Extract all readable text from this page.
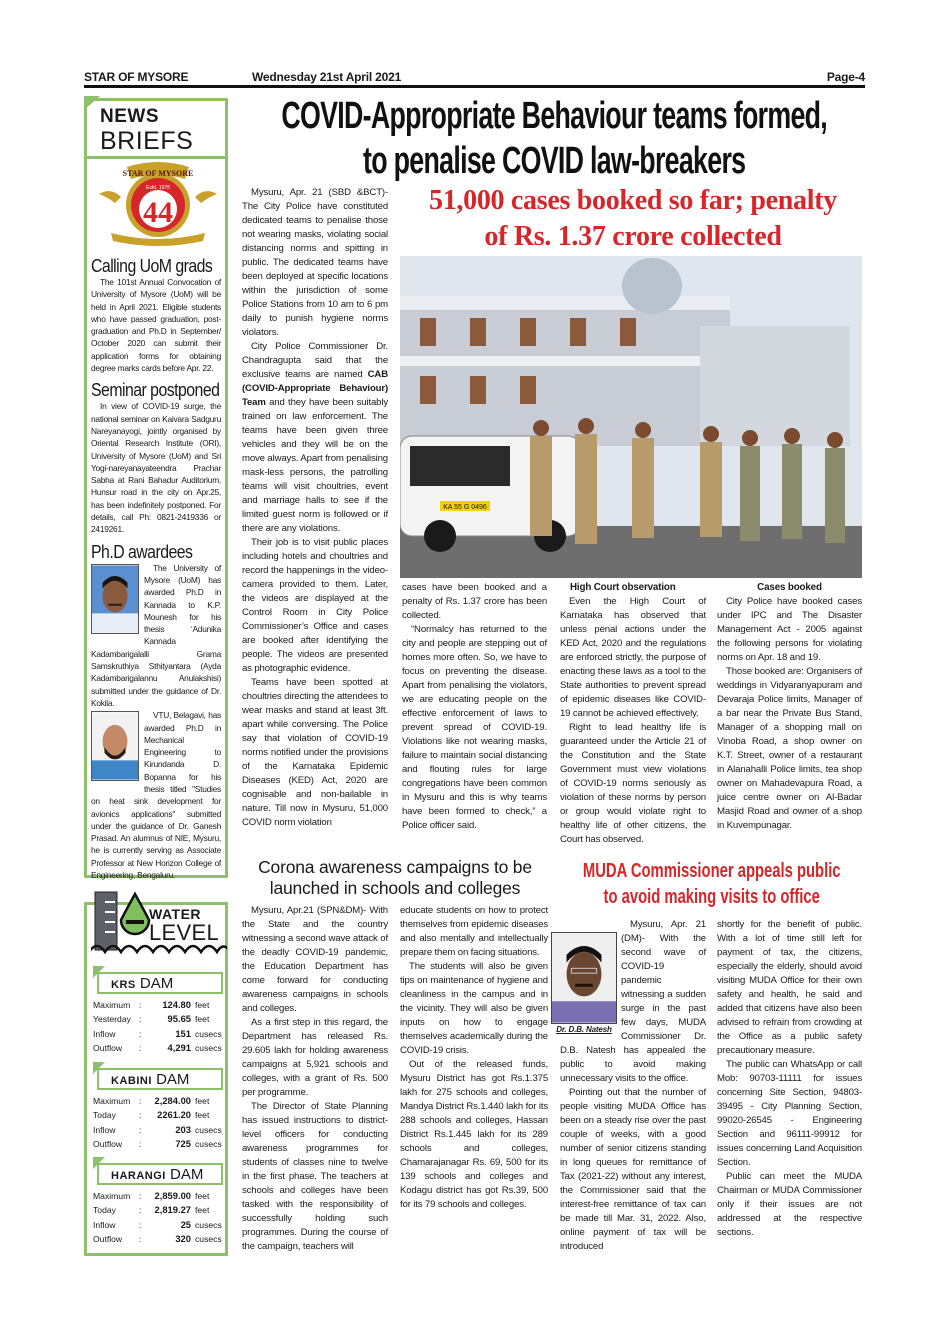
STAR OF MYSORE	Wednesday 21st April 2021	Page-4
NEWS
BRIEFS
STAR OF MYSORE
Estd. 1978
44
Calling UoM grads

The 101st Annual Convocation of University of Mysore (UoM) will be held in April 2021. Eligible students who have passed graduation, post-graduation and Ph.D in September/ October 2020 can submit their application forms for obtaining degree marks cards before Apr. 22.

Seminar postponed

In view of COVID-19 surge, the national seminar on Kaivara Sadguru Nareyanayogi, jointly organised by Oriental Research Institute (ORI), University of Mysore (UoM) and Sri Yogi-nareyanayateendra Prachar Sabha at Rani Bahadur Auditorium, Hunsur road in the city on Apr.25, has been indefinitely postponed. For details, call Ph: 0821-2419336 or 2419261.

Ph.D awardees

The University of Mysore (UoM) has awarded Ph.D in Kannada to K.P. Mounesh for his thesis ‘Adunika Kannada Kadambarigalalli Grama Samskruthiya Sthityantara (Ayda Kadambarigalannu Anulakshisi) submitted under the guidance of Dr. Kokila.

VTU, Belagavi, has awarded Ph.D in Mechanical Engineering to Kirundanda D. Bopanna for his thesis titled "Studies on heat sink development for avionics applications" submitted under the guidance of Dr. Ganesh Prasad. An alumnus of NIE, Mysuru, he is currently serving as Associate Professor at New Horizon College of Engineering, Bengaluru.

WATER
LEVEL
KRS DAM
Maximum	:	124.80 feet
Yesterday :	95.65 feet
Inflow	:	151 cusecs
Outflow	:	4,291 cusecs
KABINI DAM
Maximum	:	2,284.00 feet
Today	:	2261.20 feet
Inflow	:	203 cusecs
Outflow	:	725 cusecs
HARANGI DAM
Maximum	:	2,859.00 feet
Today	:	2,819.27 feet
Inflow	:	25 cusecs
Outflow	:	320 cusecs
COVID-Appropriate Behaviour teams formed,
to penalise COVID law-breakers
51,000 cases booked so far; penalty
of Rs. 1.37 crore collected
KA 55 G 0496

Mysuru, Apr. 21 (SBD &BCT)- The City Police have constituted dedicated teams to penalise those not wearing masks, violating social distancing norms and spitting in public. The dedicated teams have been deployed at specific locations within the jurisdiction of some Police Stations from 10 am to 6 pm daily to punish hygiene norms violators.

City Police Commissioner Dr. Chandragupta said that the exclusive teams are named CAB (COVID-Appropriate Behaviour) Team and they have been suitably trained on law enforcement. The teams have been given three vehicles and they will be on the move always. Apart from penalising mask-less persons, the patrolling teams will visit choultries, event and marriage halls to see if the limited guest norm is followed or if there are any violations.

Their job is to visit public places including hotels and choultries and record the happenings in the video-camera provided to them. Later, the videos are displayed at the Control Room in City Police Commissioner’s Office and cases are booked after identifying the people. The videos are presented as photographic evidence.

Teams have been spotted at choultries directing the attendees to wear masks and stand at least 3ft. apart while conversing. The Police say that violation of COVID-19 norms notified under the provisions of the Karnataka Epidemic Diseases (KED) Act, 2020 are cognisable and non-bailable in nature. Till now in Mysuru, 51,000 COVID norm violation

cases have been booked and a penalty of Rs. 1.37 crore has been collected.

“Normalcy has returned to the city and people are stepping out of homes more often. So, we have to focus on preventing the disease. Apart from penalising the violators, we are educating people on the effective enforcement of laws to prevent spread of COVID-19. Violations like not wearing masks, failure to maintain social distancing and flouting rules for large congregations have been common in Mysuru and this is why teams have been formed to check,” a Police officer said.

High Court observation

Even the High Court of Karnataka has observed that unless penal actions under the KED Act, 2020 and the regulations are enforced strictly, the purpose of enacting these laws as a tool to the State authorities to prevent spread of epidemic diseases like COVID-19 cannot be achieved effectively.

Right to lead healthy life is guaranteed under the Article 21 of the Constitution and the State Government must view violations of COVID-19 norms seriously as violation of these norms by person or group would violate right to healthy life of other citizens, the Court has observed.

Cases booked

City Police have booked cases under IPC and The Disaster Management Act - 2005 against the following persons for violating norms on Apr. 18 and 19.

Those booked are: Organisers of weddings in Vidyaranyapuram and Devaraja Police limits, Manager of a bar near the Private Bus Stand, Manager of a shopping mall on Vinoba Road, a shop owner on K.T. Street, owner of a restaurant in Alanahalli Police limits, tea shop owner on Mahadevapura Road, a juice centre owner on Al-Badar Masjid Road and owner of a shop in Kuvempunagar.

Corona awareness campaigns to be
launched in schools and colleges

Mysuru, Apr.21 (SPN&DM)- With the State and the country witnessing a second wave attack of the deadly COVID-19 pandemic, the Education Department has come forward for conducting awareness campaigns in schools and colleges.

As a first step in this regard, the Department has released Rs. 29.605 lakh for holding awareness campaigns at 5,921 schools and colleges, with a grant of Rs. 500 per programme.

The Director of State Planning has issued instructions to district-level officers for conducting awareness programmes for students of classes nine to twelve in the first phase. The teachers at schools and colleges have been tasked with the responsibility of successfully holding such programmes. During the course of the campaign, teachers will

educate students on how to protect themselves from epidemic diseases and also mentally and intellectually prepare them on facing situations.

The students will also be given tips on maintenance of hygiene and cleanliness in the campus and in the vicinity. They will also be given inputs on how to engage themselves academically during the COVID-19 crisis.

Out of the released funds, Mysuru District has got Rs.1.375 lakh for 275 schools and colleges, Mandya District Rs.1.440 lakh for its 288 schools and colleges, Hassan District Rs.1.445 lakh for its 289 schools and colleges, Chamarajanagar Rs. 69, 500 for its 139 schools and colleges and Kodagu district has got Rs.39, 500 for its 79 schools and colleges.

MUDA Commissioner appeals public
to avoid making visits to office

Dr. D.B. Natesh
Mysuru, Apr. 21 (DM)- With the second wave of COVID-19 pandemic witnessing a sudden surge in the past few days, MUDA Commissioner Dr. D.B. Natesh has appealed the public to avoid making unnecessary visits to the office.

Pointing out that the number of people visiting MUDA Office has been on a steady rise over the past couple of weeks, with a good number of senior citizens standing in long queues for remittance of Tax (2021-22) without any interest, the Commissioner said that the interest-free remittance of tax can be made till Mar. 31, 2022. Also, online payment of tax will be introduced

shortly for the benefit of public. With a lot of time still left for payment of tax, the citizens, especially the elderly, should avoid visiting MUDA Office for their own safety and health, he said and added that citizens have also been advised to refrain from crowding at the Office as a public safety precautionary measure.

The public can WhatsApp or call Mob: 90703-11111 for issues concerning Site Section, 94803-39495 - City Planning Section, 99020-26545 - Engineering Section and 96111-99912 for issues concerning Land Acquisition Section.

Public can meet the MUDA Chairman or MUDA Commissioner only if their issues are not addressed at the respective sections.
